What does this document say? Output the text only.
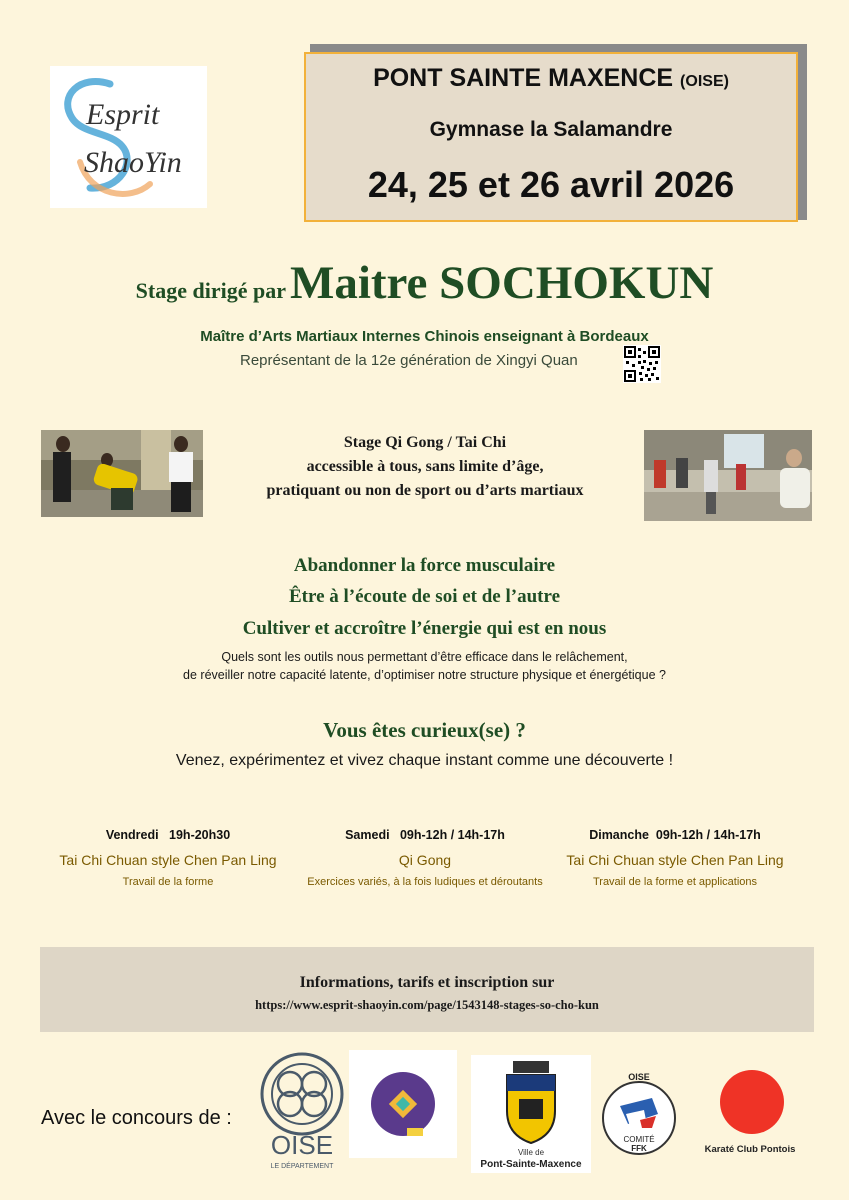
Esprit
ShaoYin
PONT SAINTE MAXENCE (OISE)
Gymnase la Salamandre
24, 25 et 26 avril 2026
Stage dirigé par Maitre SOCHOKUN
Maître d’Arts Martiaux Internes Chinois enseignant à Bordeaux
Représentant de la 12e génération de Xingyi Quan
Stage Qi Gong / Tai Chi
accessible à tous, sans limite d’âge,
pratiquant ou non de sport ou d’arts martiaux
Abandonner la force musculaire
Être à l’écoute de soi et de l’autre
Cultiver et accroître l’énergie qui est en nous
Quels sont les outils nous permettant d’être efficace dans le relâchement,
de réveiller notre capacité latente, d’optimiser notre structure physique et énergétique ?
Vous êtes curieux(se) ?
Venez, expérimentez et vivez chaque instant comme une découverte !
Vendredi 19h-20h30
Tai Chi Chuan style Chen Pan Ling
Travail de la forme
Samedi 09h-12h / 14h-17h
Qi Gong
Exercices variés, à la fois ludiques et déroutants
Dimanche 09h-12h / 14h-17h
Tai Chi Chuan style Chen Pan Ling
Travail de la forme et applications
Informations, tarifs et inscription sur
https://www.esprit-shaoyin.com/page/1543148-stages-so-cho-kun
Avec le concours de :
OISE
LE DÉPARTEMENT
Ville de
Pont-Sainte-Maxence
OISE
COMITÉ
FFK	Karaté Club Pontois
